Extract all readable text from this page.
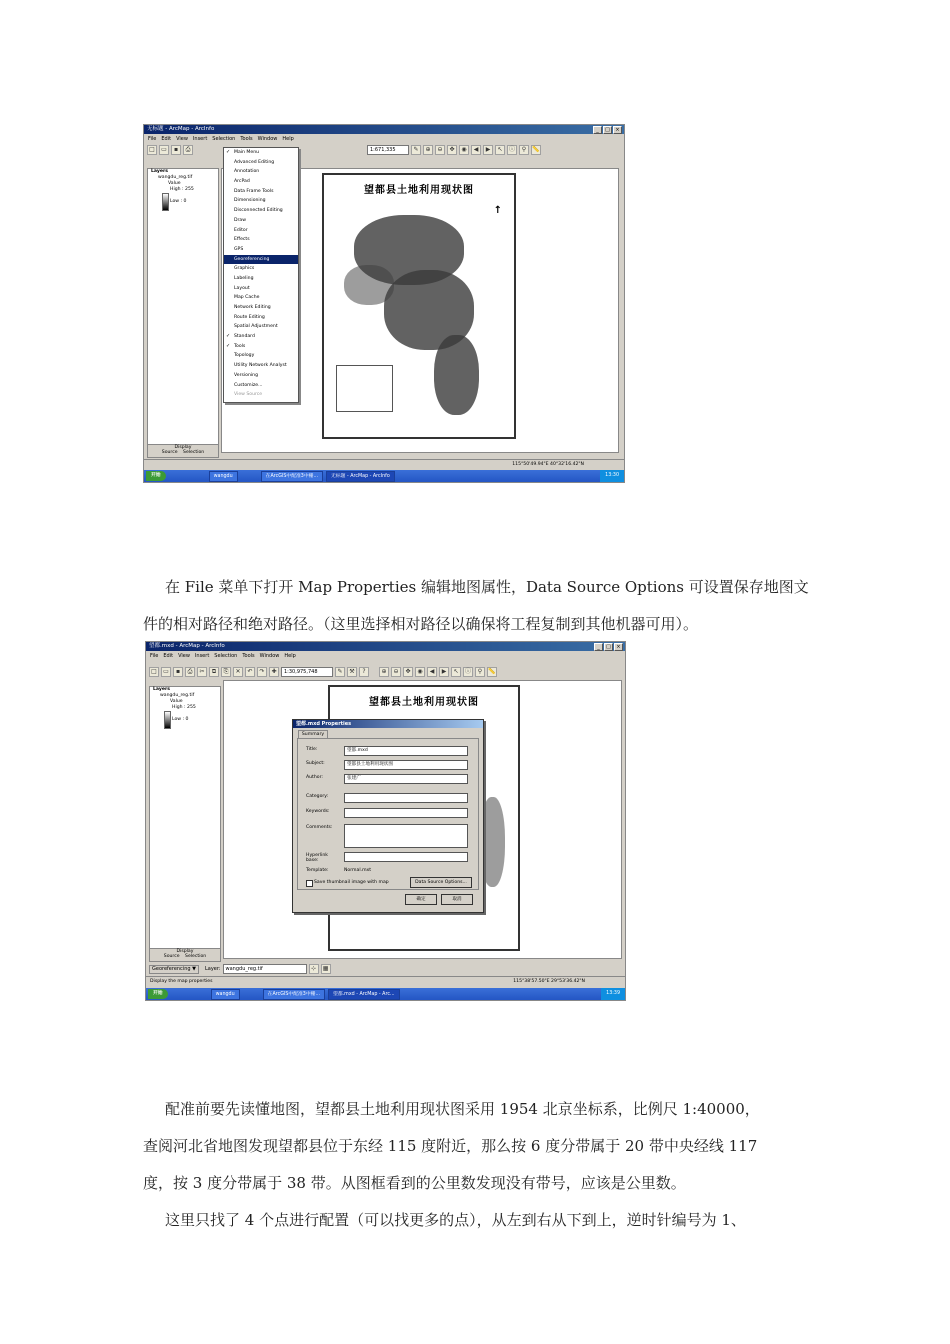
无标题 - ArcMap - ArcInfo	_	□	×
File Edit View Insert Selection Tools Window Help
□	▭	▪	⎙	1:671,335	✎	⊕	⊖	✥	◉	◀	▶	↖	ⓘ	⚲	📏
Layers
wangdu_reg.tif
Value
High : 255
Low : 0
Display
Source Selection
望都县土地利用现状图
↑
✓ Main Menu
Advanced Editing
Annotation
ArcPad
Data Frame Tools
Dimensioning
Disconnected Editing
Draw
Editor
Effects
GPS
Georeferencing
Graphics
Labeling
Layout
Map Cache
Network Editing
Route Editing
Spatial Adjustment
✓ Standard
✓ Tools
Topology
Utility Network Analyst
Versioning
Customize...
View Source
115°50'49.94"E 40°32'16.42"N
开始	wangdu	在ArcGIS中配准3中栅...	无标题 - ArcMap - ArcInfo	13:30
在 File 菜单下打开 Map Properties 编辑地图属性，Data Source Options 可设置保存地图文
件的相对路径和绝对路径。（这里选择相对路径以确保将工程复制到其他机器可用）。
望都.mxd - ArcMap - ArcInfo	_	□	×
File Edit View Insert Selection Tools Window Help
□	▭	▪	⎙	✂	⧉	⎘	✕	↶	↷	✚	1:30,975,748	✎	⚒	?	⊕	⊖	✥	◉	◀	▶	↖	ⓘ	⚲	📏
Layers
wangdu_reg.tif
Value
High : 255
Low : 0
Display
Source Selection
望都县土地利用现状图
望都.mxd Properties
Summary
Title:	望都.mxd
Subject:	望都县土地利用现状图
Author:	张建广
Category:
Keywords:
Comments:
Hyperlink base:
Template:	Normal.mxt
Save thumbnail image with map	Data Source Options...
确定	取消
Georeferencing ▼	Layer:	wangdu_reg.tif	⊹	▦
Display the map properties	115°38'57.50"E 29°53'36.42"N
开始	wangdu	在ArcGIS中配准3中栅...	望都.mxd - ArcMap - Arc...	13:39
配准前要先读懂地图，望都县土地利用现状图采用 1954 北京坐标系，比例尺 1:40000，
查阅河北省地图发现望都县位于东经 115 度附近，那么按 6 度分带属于 20 带中央经线 117
度，按 3 度分带属于 38 带。从图框看到的公里数发现没有带号，应该是公里数。
这里只找了 4 个点进行配置（可以找更多的点），从左到右从下到上，逆时针编号为 1、
